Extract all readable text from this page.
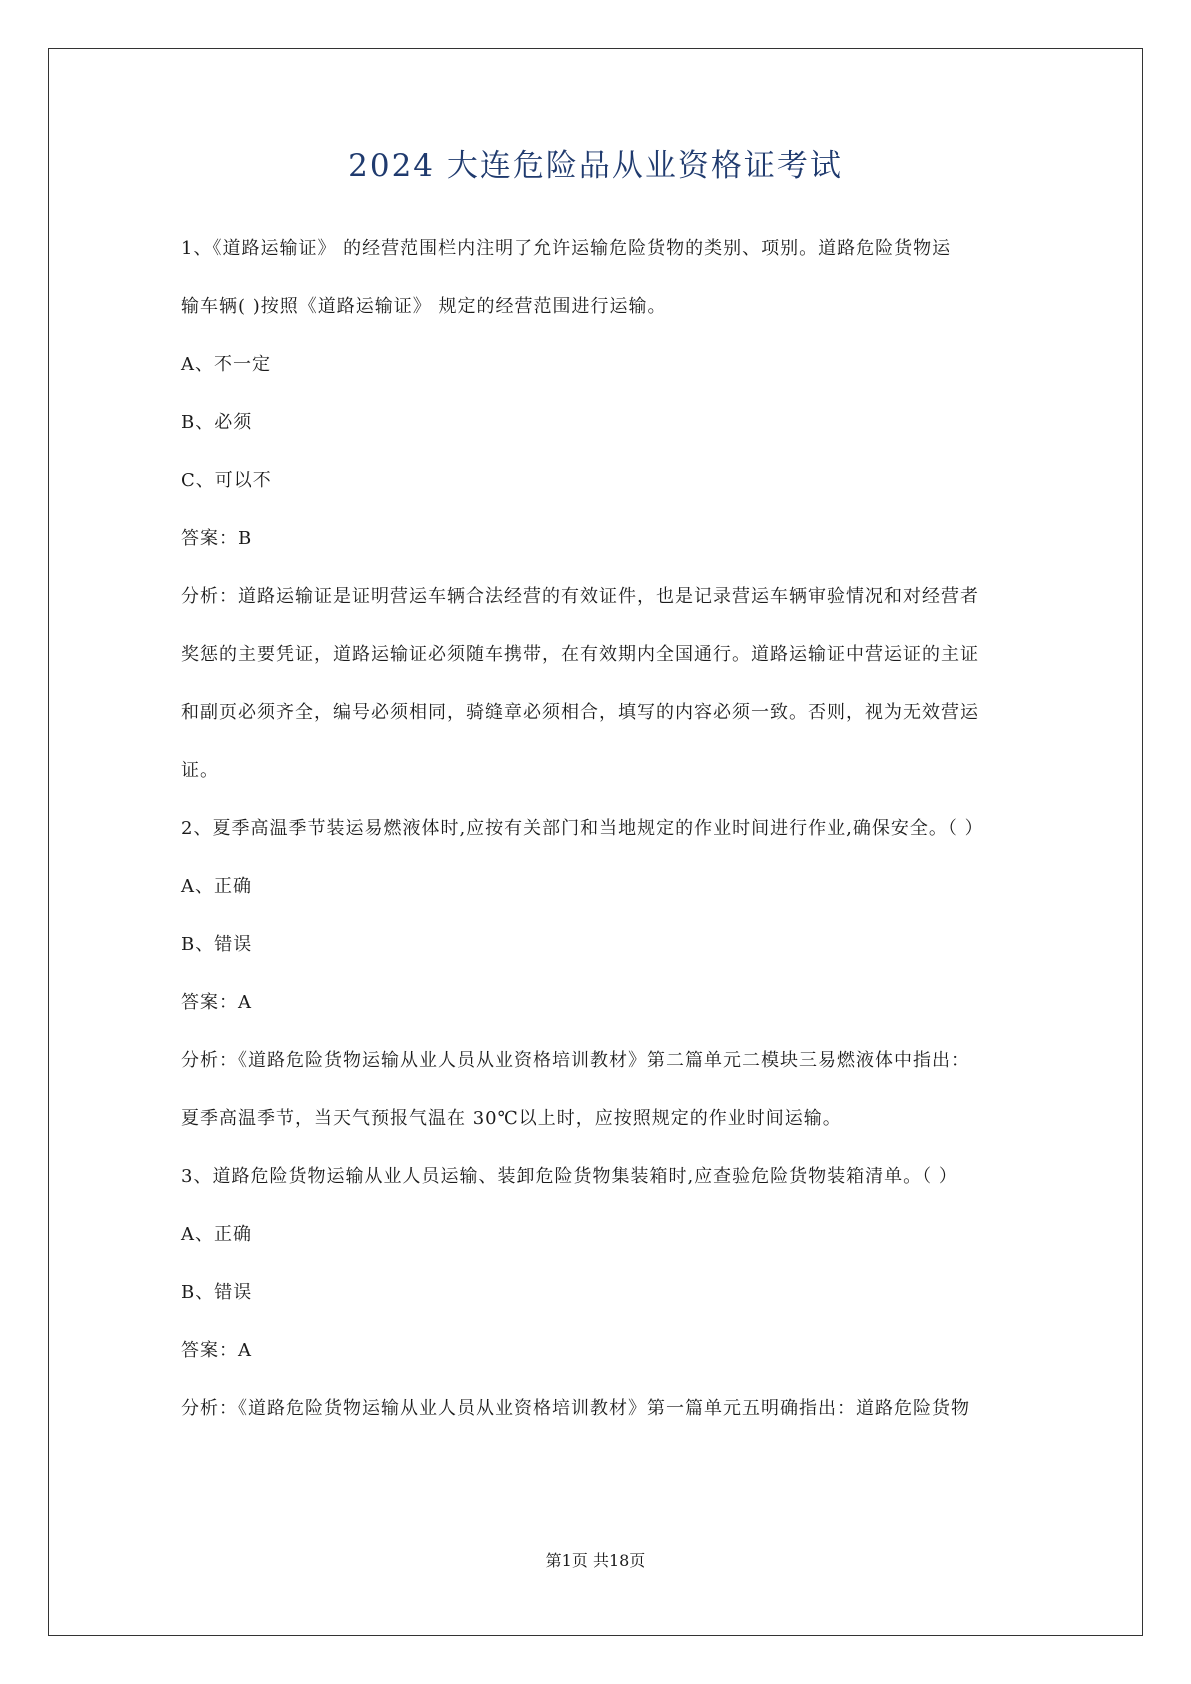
2024 大连危险品从业资格证考试
1、《道路运输证》 的经营范围栏内注明了允许运输危险货物的类别、项别。道路危险货物运
输车辆( )按照《道路运输证》 规定的经营范围进行运输。
A、不一定
B、必须
C、可以不
答案：B
分析：道路运输证是证明营运车辆合法经营的有效证件，也是记录营运车辆审验情况和对经营者
奖惩的主要凭证，道路运输证必须随车携带，在有效期内全国通行。道路运输证中营运证的主证
和副页必须齐全，编号必须相同，骑缝章必须相合，填写的内容必须一致。否则，视为无效营运
证。
2、夏季高温季节装运易燃液体时,应按有关部门和当地规定的作业时间进行作业,确保安全。（ ）
A、正确
B、错误
答案：A
分析：《道路危险货物运输从业人员从业资格培训教材》第二篇单元二模块三易燃液体中指出：
夏季高温季节，当天气预报气温在 30℃以上时，应按照规定的作业时间运输。
3、道路危险货物运输从业人员运输、装卸危险货物集装箱时,应查验危险货物装箱清单。（ ）
A、正确
B、错误
答案：A
分析：《道路危险货物运输从业人员从业资格培训教材》第一篇单元五明确指出：道路危险货物
第1页 共18页
